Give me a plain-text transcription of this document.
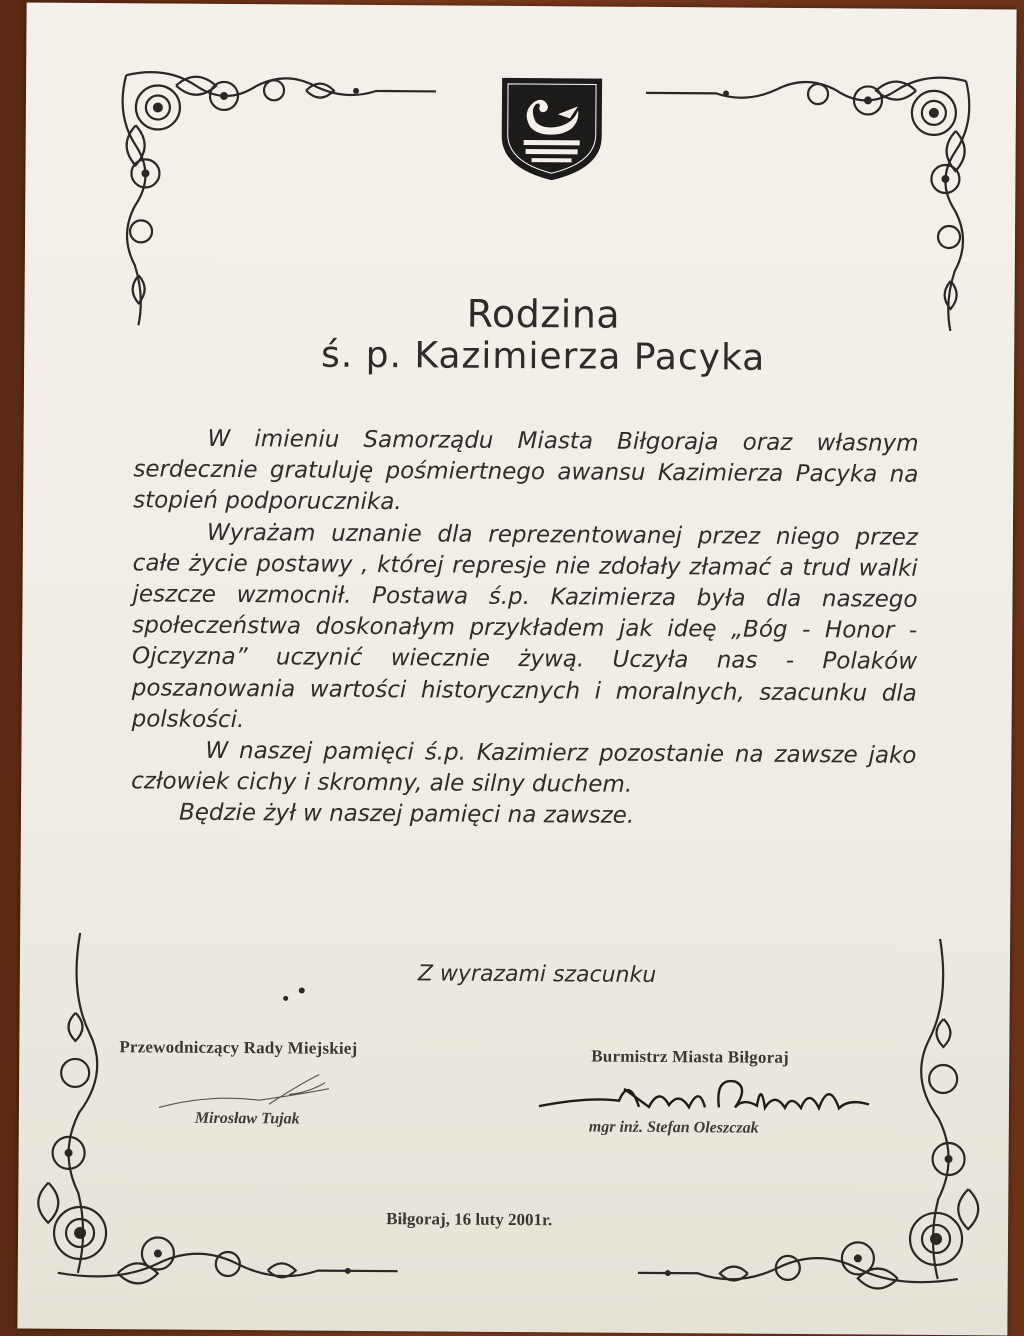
Rodzina
ś. p. Kazimierza Pacyka

W imieniu Samorządu Miasta Biłgoraja oraz własnym serdecznie gratuluję pośmiertnego awansu Kazimierza Pacyka na stopień podporucznika.

Wyrażam uznanie dla reprezentowanej przez niego przez całe życie postawy , której represje nie zdołały złamać a trud walki jeszcze wzmocnił. Postawa ś.p. Kazimierza była dla naszego społeczeństwa doskonałym przykładem jak ideę „Bóg - Honor - Ojczyzna” uczynić wiecznie żywą. Uczyła nas - Polaków poszanowania wartości historycznych i moralnych, szacunku dla polskości.

W naszej pamięci ś.p. Kazimierz pozostanie na zawsze jako człowiek cichy i skromny, ale silny duchem.

Będzie żył w naszej pamięci na zawsze.

Z wyrazami szacunku
Przewodniczący Rady Miejskiej
Mirosław Tujak
Burmistrz Miasta Biłgoraj
mgr inż. Stefan Oleszczak
Biłgoraj, 16 luty 2001r.
